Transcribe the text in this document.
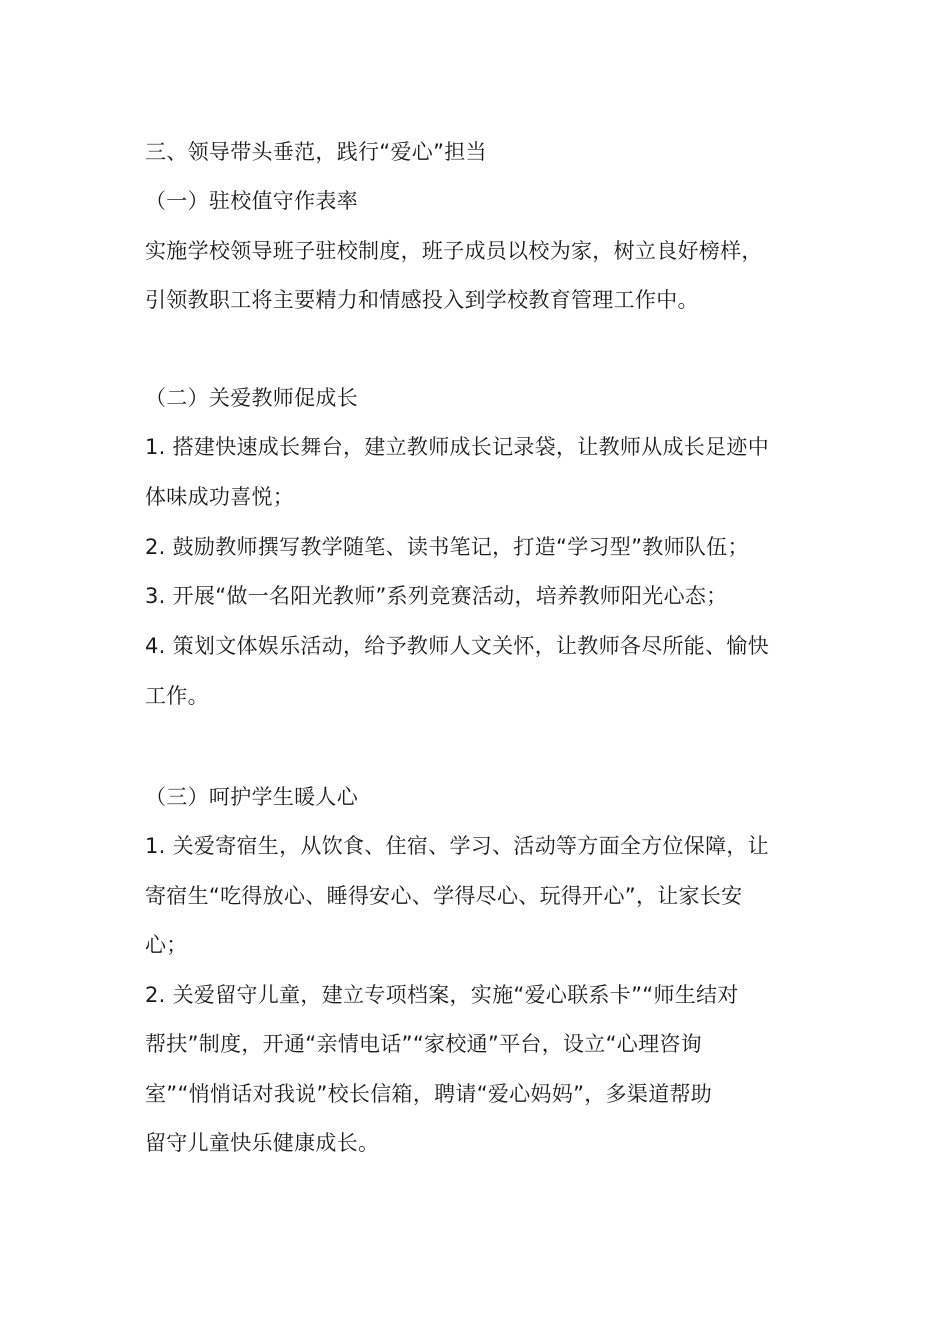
三、领导带头垂范，践行“爱心”担当
（一）驻校值守作表率
实施学校领导班子驻校制度，班子成员以校为家，树立良好榜样，
引领教职工将主要精力和情感投入到学校教育管理工作中。
（二）关爱教师促成长
1. 搭建快速成长舞台，建立教师成长记录袋，让教师从成长足迹中
体味成功喜悦；
2. 鼓励教师撰写教学随笔、读书笔记，打造“学习型”教师队伍；
3. 开展“做一名阳光教师”系列竞赛活动，培养教师阳光心态；
4. 策划文体娱乐活动，给予教师人文关怀，让教师各尽所能、愉快
工作。
（三）呵护学生暖人心
1. 关爱寄宿生，从饮食、住宿、学习、活动等方面全方位保障，让
寄宿生“吃得放心、睡得安心、学得尽心、玩得开心”，让家长安
心；
2. 关爱留守儿童，建立专项档案，实施“爱心联系卡”“师生结对
帮扶”制度，开通“亲情电话”“家校通”平台，设立“心理咨询
室”“悄悄话对我说”校长信箱，聘请“爱心妈妈”，多渠道帮助
留守儿童快乐健康成长。
